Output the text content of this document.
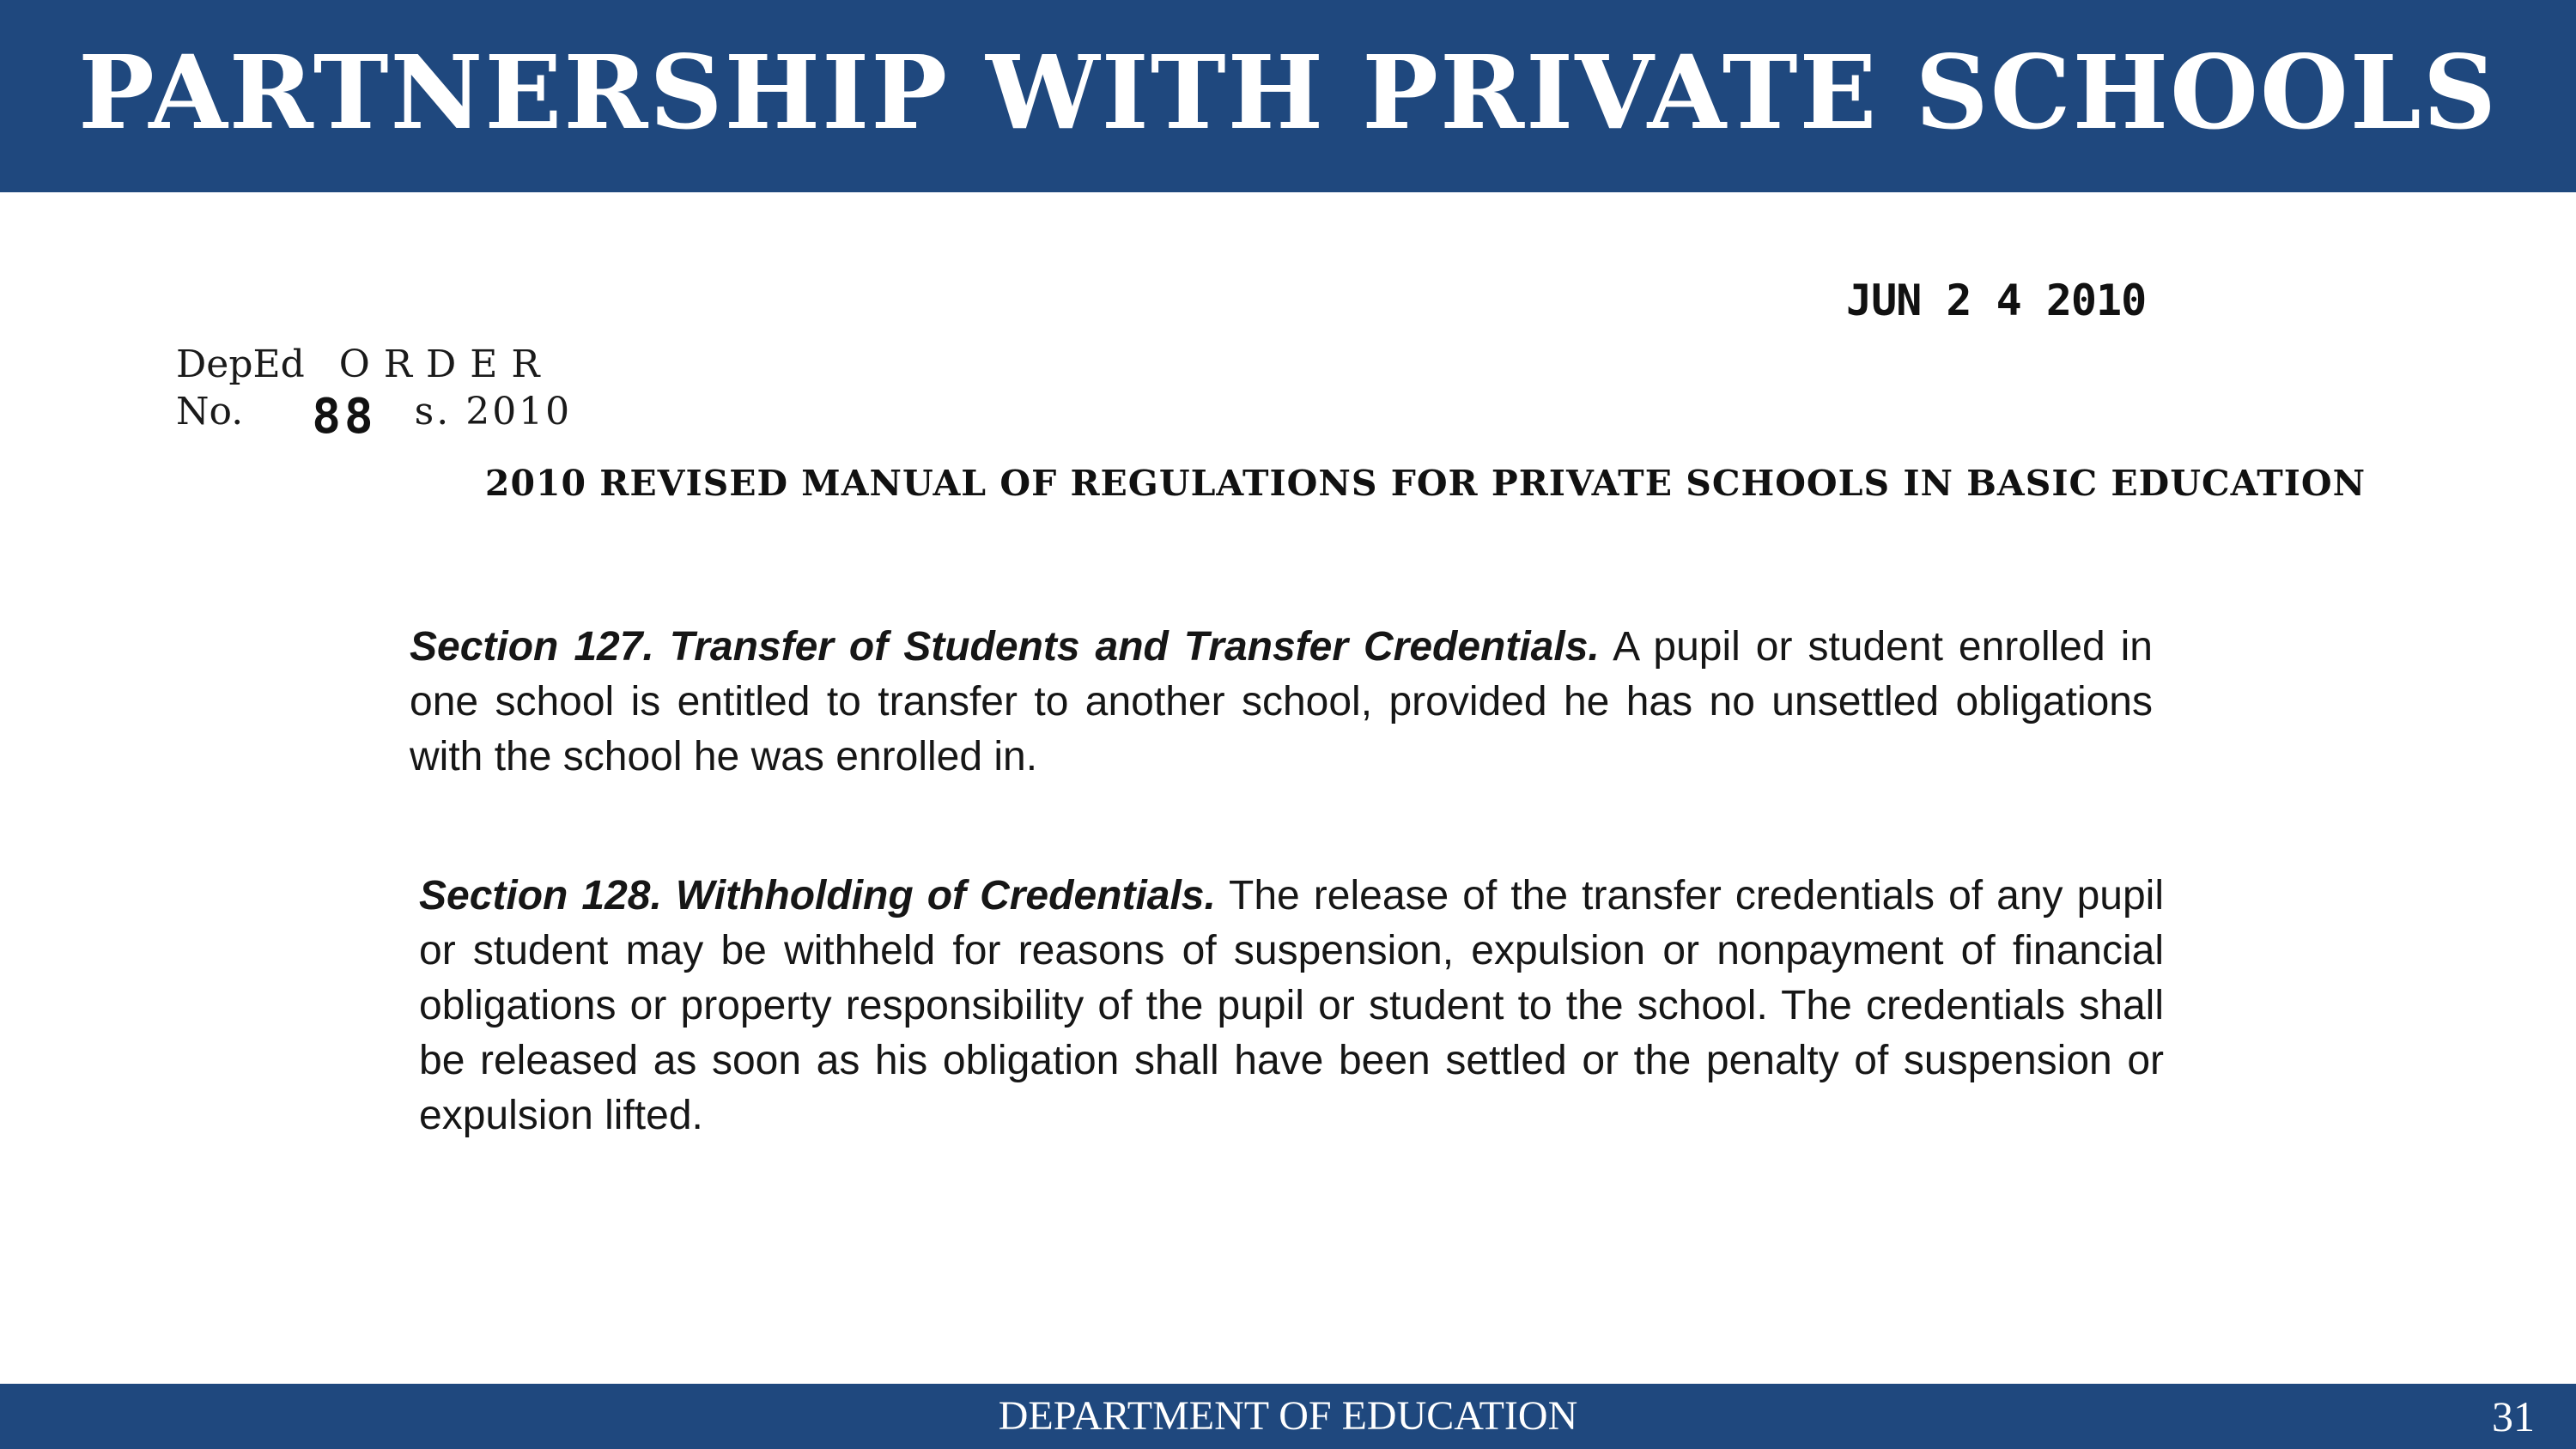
PARTNERSHIP WITH PRIVATE SCHOOLS
JUN 2 4 2010
DepEd ORDER
No. 88 s. 2010
2010 REVISED MANUAL OF REGULATIONS FOR PRIVATE SCHOOLS IN BASIC EDUCATION
Section 127. Transfer of Students and Transfer Credentials. A pupil or student enrolled in one school is entitled to transfer to another school, provided he has no unsettled obligations with the school he was enrolled in.
Section 128. Withholding of Credentials. The release of the transfer credentials of any pupil or student may be withheld for reasons of suspension, expulsion or nonpayment of financial obligations or property responsibility of the pupil or student to the school. The credentials shall be released as soon as his obligation shall have been settled or the penalty of suspension or expulsion lifted.
DEPARTMENT OF EDUCATION	31
